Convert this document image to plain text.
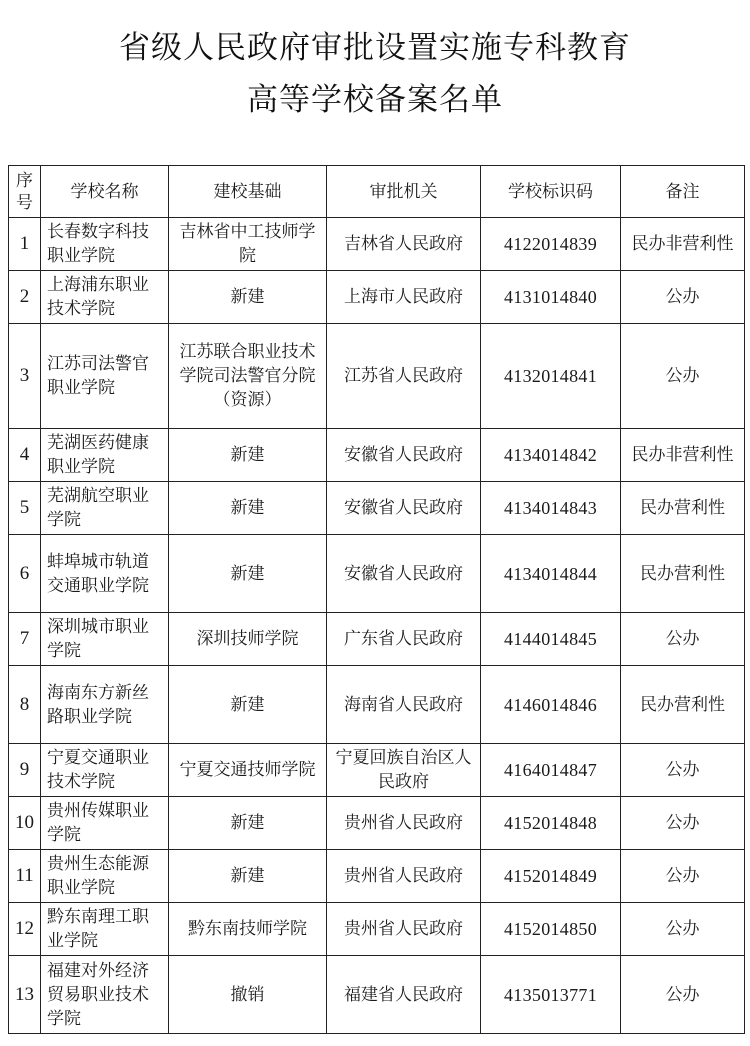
省级人民政府审批设置实施专科教育
高等学校备案名单
序号	学校名称	建校基础	审批机关	学校标识码	备注
1	长春数字科技职业学院	吉林省中工技师学院	吉林省人民政府	4122014839	民办非营利性
2	上海浦东职业技术学院	新建	上海市人民政府	4131014840	公办
3	江苏司法警官职业学院	江苏联合职业技术学院司法警官分院（资源）	江苏省人民政府	4132014841	公办
4	芜湖医药健康职业学院	新建	安徽省人民政府	4134014842	民办非营利性
5	芜湖航空职业学院	新建	安徽省人民政府	4134014843	民办营利性
6	蚌埠城市轨道交通职业学院	新建	安徽省人民政府	4134014844	民办营利性
7	深圳城市职业学院	深圳技师学院	广东省人民政府	4144014845	公办
8	海南东方新丝路职业学院	新建	海南省人民政府	4146014846	民办营利性
9	宁夏交通职业技术学院	宁夏交通技师学院	宁夏回族自治区人民政府	4164014847	公办
10	贵州传媒职业学院	新建	贵州省人民政府	4152014848	公办
11	贵州生态能源职业学院	新建	贵州省人民政府	4152014849	公办
12	黔东南理工职业学院	黔东南技师学院	贵州省人民政府	4152014850	公办
13	福建对外经济贸易职业技术学院	撤销	福建省人民政府	4135013771	公办
